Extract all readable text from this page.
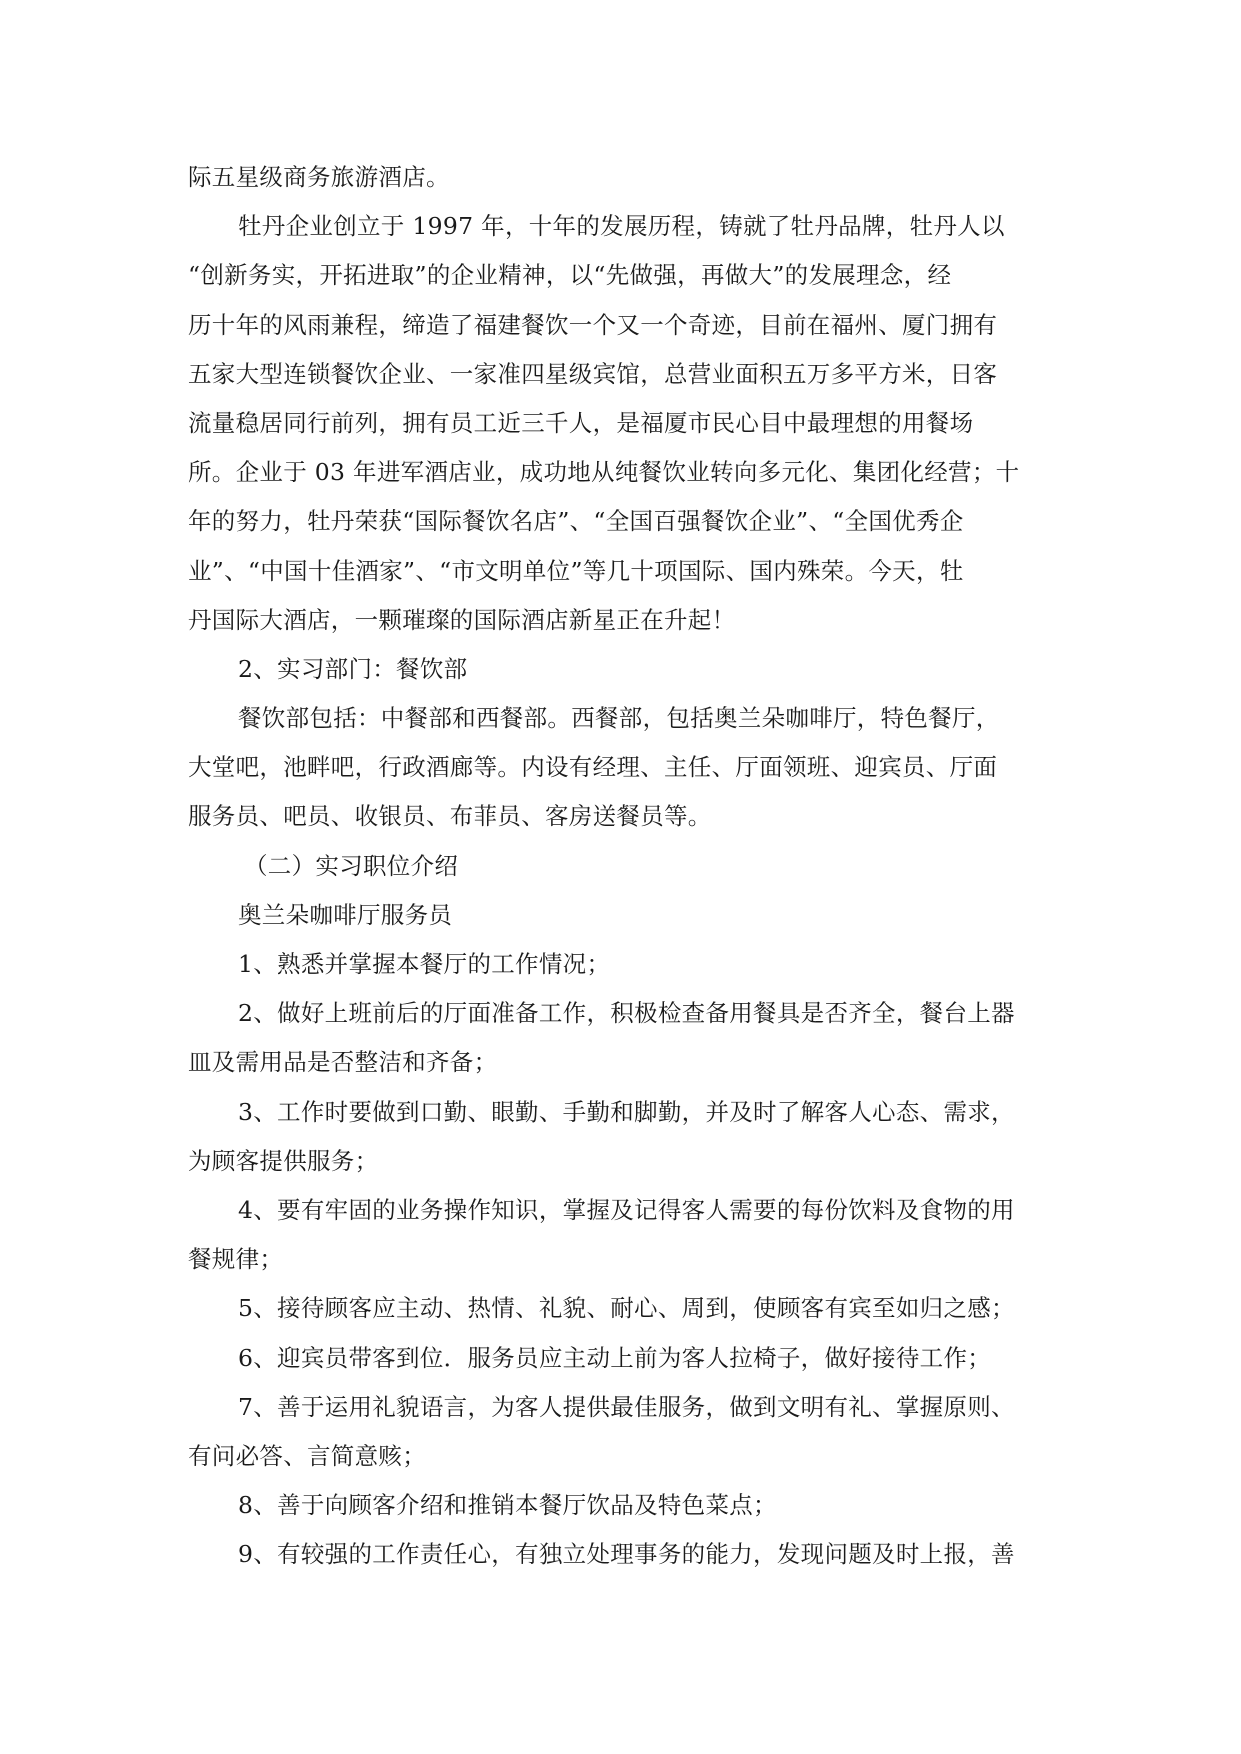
际五星级商务旅游酒店。
牡丹企业创立于 1997 年，十年的发展历程，铸就了牡丹品牌，牡丹人以
“创新务实，开拓进取”的企业精神，以“先做强，再做大”的发展理念，经
历十年的风雨兼程，缔造了福建餐饮一个又一个奇迹，目前在福州、厦门拥有
五家大型连锁餐饮企业、一家准四星级宾馆，总营业面积五万多平方米，日客
流量稳居同行前列，拥有员工近三千人，是福厦市民心目中最理想的用餐场
所。企业于 03 年进军酒店业，成功地从纯餐饮业转向多元化、集团化经营；十
年的努力，牡丹荣获“国际餐饮名店”、“全国百强餐饮企业”、“全国优秀企
业”、“中国十佳酒家”、“市文明单位”等几十项国际、国内殊荣。今天，牡
丹国际大酒店，一颗璀璨的国际酒店新星正在升起！
2、实习部门：餐饮部
餐饮部包括：中餐部和西餐部。西餐部，包括奥兰朵咖啡厅，特色餐厅，
大堂吧，池畔吧，行政酒廊等。内设有经理、主任、厅面领班、迎宾员、厅面
服务员、吧员、收银员、布菲员、客房送餐员等。
（二）实习职位介绍
奥兰朵咖啡厅服务员
1、熟悉并掌握本餐厅的工作情况；
2、做好上班前后的厅面准备工作，积极检查备用餐具是否齐全，餐台上器
皿及需用品是否整洁和齐备；
3、工作时要做到口勤、眼勤、手勤和脚勤，并及时了解客人心态、需求，
为顾客提供服务；
4、要有牢固的业务操作知识，掌握及记得客人需要的每份饮料及食物的用
餐规律；
5、接待顾客应主动、热情、礼貌、耐心、周到，使顾客有宾至如归之感；
6、迎宾员带客到位．服务员应主动上前为客人拉椅子，做好接待工作；
7、善于运用礼貌语言，为客人提供最佳服务，做到文明有礼、掌握原则、
有问必答、言简意赅；
8、善于向顾客介绍和推销本餐厅饮品及特色菜点；
9、有较强的工作责任心，有独立处理事务的能力，发现问题及时上报，善
